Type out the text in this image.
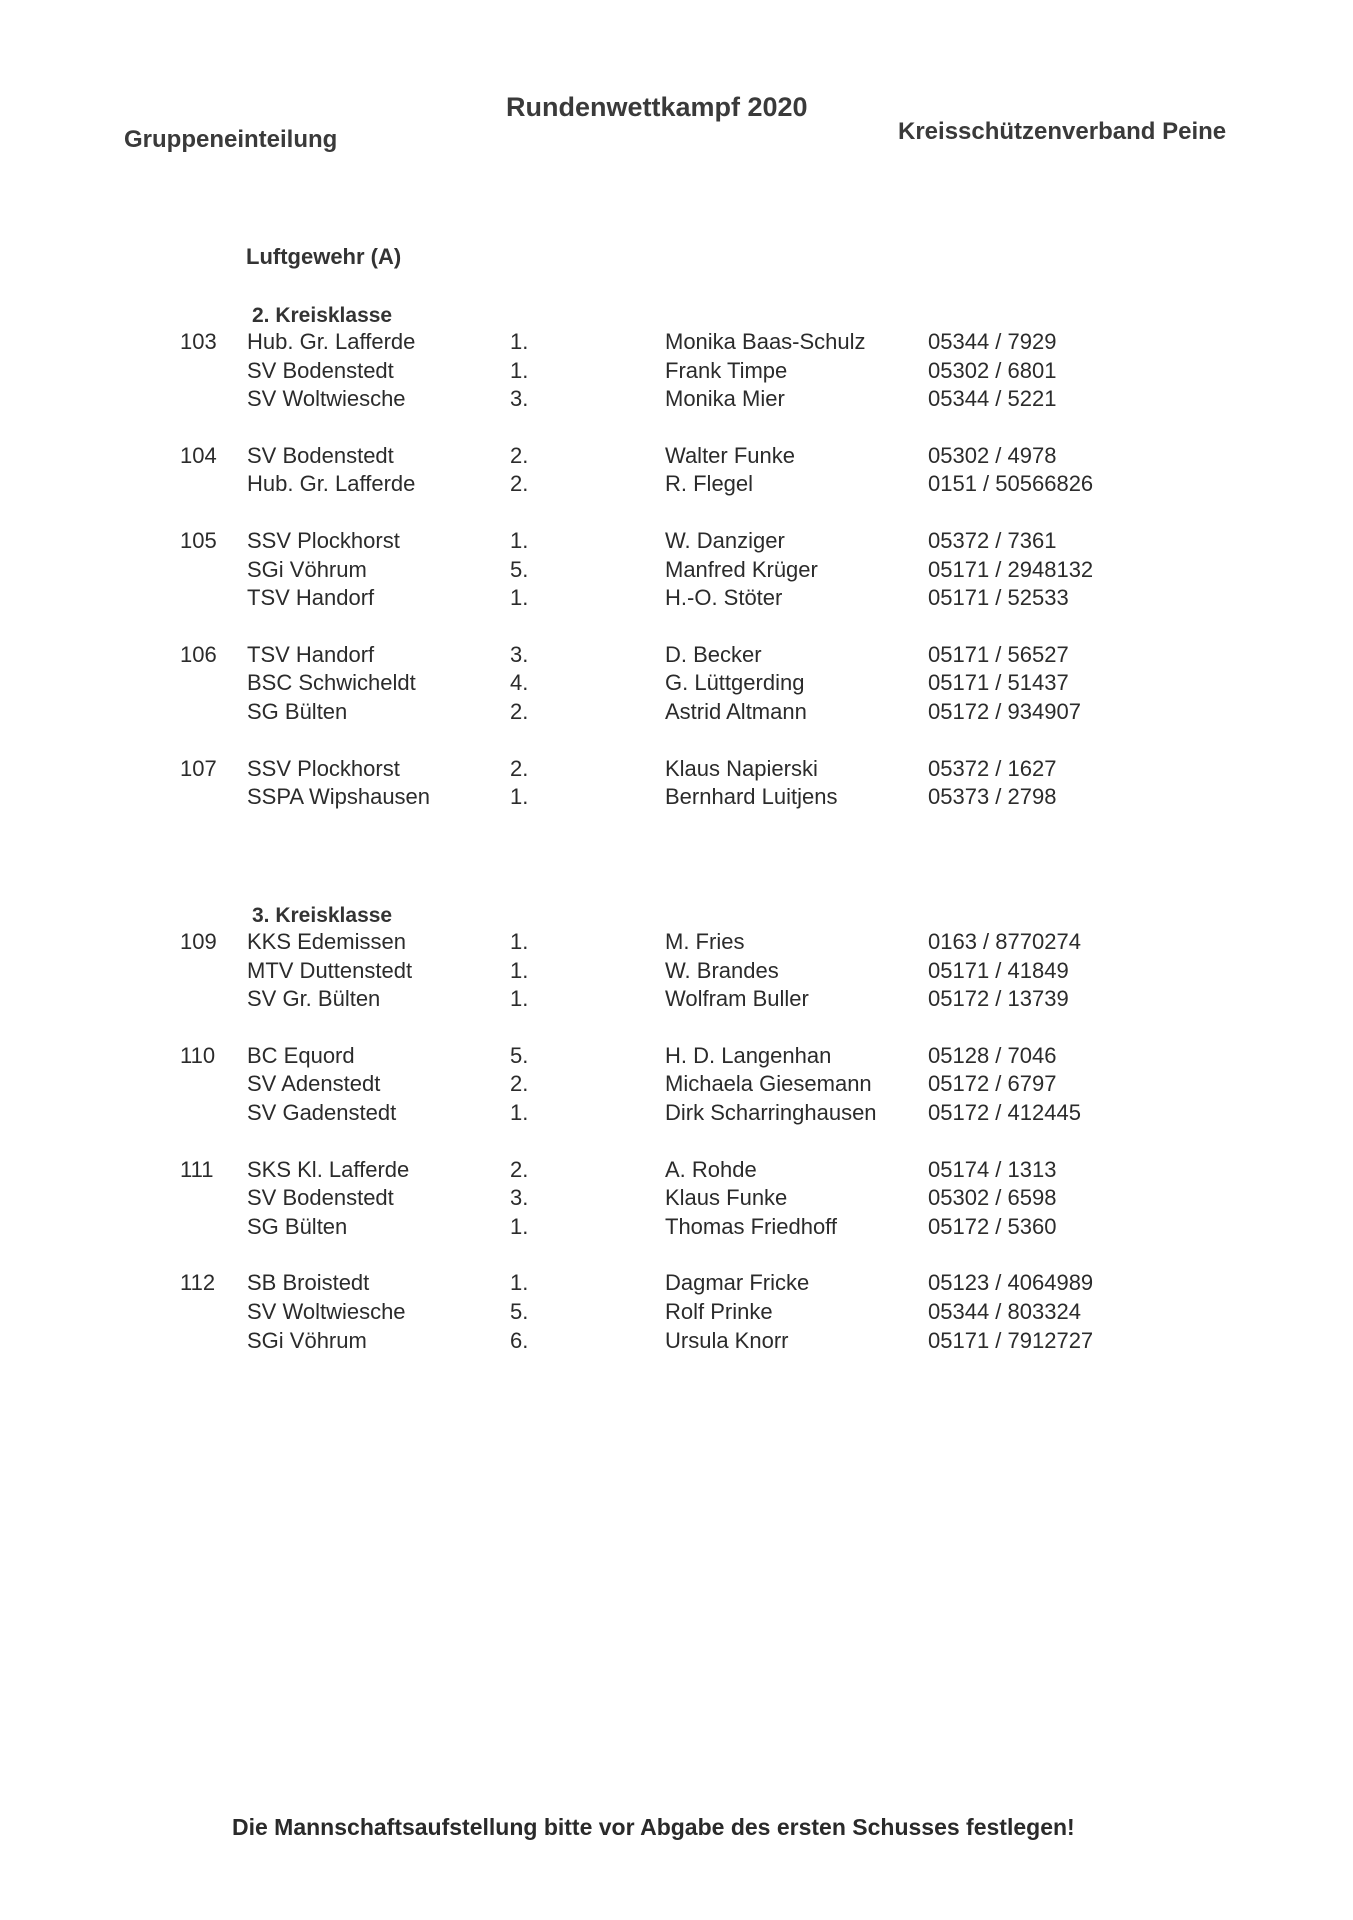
Gruppeneinteilung
Rundenwettkampf 2020
Kreisschützenverband Peine
Luftgewehr (A)
2. Kreisklasse
103 Hub. Gr. Lafferde	1.	Monika Baas-Schulz	05344 / 7929
SV Bodenstedt	1.	Frank Timpe	05302 / 6801
SV Woltwiesche	3.	Monika Mier	05344 / 5221
104 SV Bodenstedt	2.	Walter Funke	05302 / 4978
Hub. Gr. Lafferde	2.	R. Flegel	0151 / 50566826
105 SSV Plockhorst	1.	W. Danziger	05372 / 7361
SGi Vöhrum	5.	Manfred Krüger	05171 / 2948132
TSV Handorf	1.	H.-O. Stöter	05171 / 52533
106 TSV Handorf	3.	D. Becker	05171 / 56527
BSC Schwicheldt	4.	G. Lüttgerding	05171 / 51437
SG Bülten	2.	Astrid Altmann	05172 / 934907
107 SSV Plockhorst	2.	Klaus Napierski	05372 / 1627
SSPA Wipshausen	1.	Bernhard Luitjens	05373 / 2798
3. Kreisklasse
109 KKS Edemissen	1.	M. Fries	0163 / 8770274
MTV Duttenstedt	1.	W. Brandes	05171 / 41849
SV Gr. Bülten	1.	Wolfram Buller	05172 / 13739
110 BC Equord	5.	H. D. Langenhan	05128 / 7046
SV Adenstedt	2.	Michaela Giesemann	05172 / 6797
SV Gadenstedt	1.	Dirk Scharringhausen 05172 / 412445
111 SKS Kl. Lafferde	2.	A. Rohde	05174 / 1313
SV Bodenstedt	3.	Klaus Funke	05302 / 6598
SG Bülten	1.	Thomas Friedhoff	05172 / 5360
112 SB Broistedt	1.	Dagmar Fricke	05123 / 4064989
SV Woltwiesche	5.	Rolf Prinke	05344 / 803324
SGi Vöhrum	6.	Ursula Knorr	05171 / 7912727
Die Mannschaftsaufstellung bitte vor Abgabe des ersten Schusses festlegen!
